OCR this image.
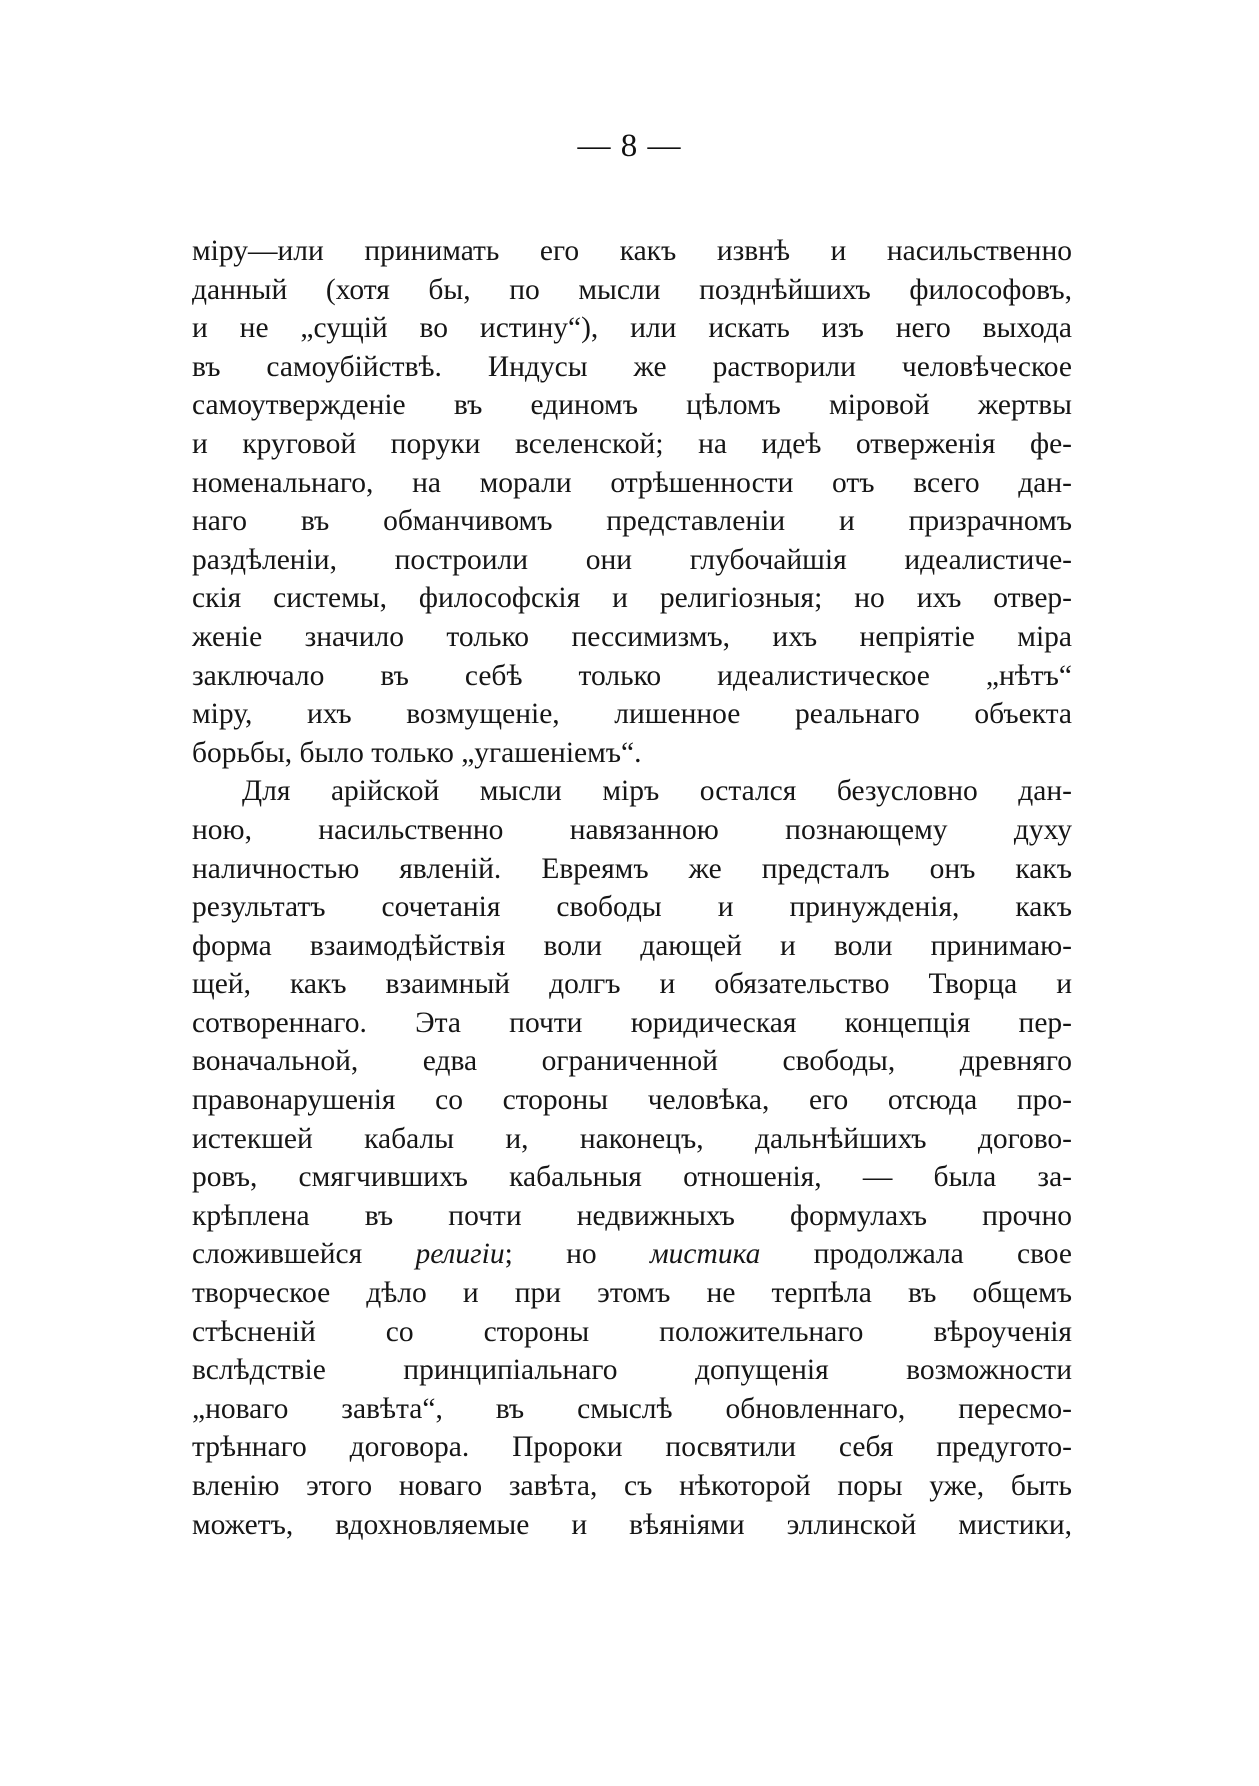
— 8 —
міру—или принимать его какъ извнѣ и насильственно
данный (хотя бы, по мысли позднѣйшихъ философовъ,
и не „сущій во истину“), или искать изъ него выхода
въ самоубійствѣ. Индусы же растворили человѣческое
самоутвержденіе въ единомъ цѣломъ міровой жертвы
и круговой поруки вселенской; на идеѣ отверженія фе-
номенальнаго, на морали отрѣшенности отъ всего дан-
наго въ обманчивомъ представленіи и призрачномъ
раздѣленіи, построили они глубочайшія идеалистиче-
скія системы, философскія и религіозныя; но ихъ отвер-
женіе значило только пессимизмъ, ихъ непріятіе міра
заключало въ себѣ только идеалистическое „нѣтъ“
міру, ихъ возмущеніе, лишенное реальнаго объекта
борьбы, было только „угашеніемъ“.
Для арійской мысли міръ остался безусловно дан-
ною, насильственно навязанною познающему духу
наличностью явленій. Евреямъ же предсталъ онъ какъ
результатъ сочетанія свободы и принужденія, какъ
форма взаимодѣйствія воли дающей и воли принимаю-
щей, какъ взаимный долгъ и обязательство Творца и
сотвореннаго. Эта почти юридическая концепція пер-
воначальной, едва ограниченной свободы, древняго
правонарушенія со стороны человѣка, его отсюда про-
истекшей кабалы и, наконецъ, дальнѣйшихъ догово-
ровъ, смягчившихъ кабальныя отношенія, — была за-
крѣплена въ почти недвижныхъ формулахъ прочно
сложившейся религіи; но мистика продолжала свое
творческое дѣло и при этомъ не терпѣла въ общемъ
стѣсненій со стороны положительнаго вѣроученія
вслѣдствіе принципіальнаго допущенія возможности
„новаго завѣта“, въ смыслѣ обновленнаго, пересмо-
трѣннаго договора. Пророки посвятили себя предугото-
вленію этого новаго завѣта, съ нѣкоторой поры уже, быть
можетъ, вдохновляемые и вѣяніями эллинской мистики,
